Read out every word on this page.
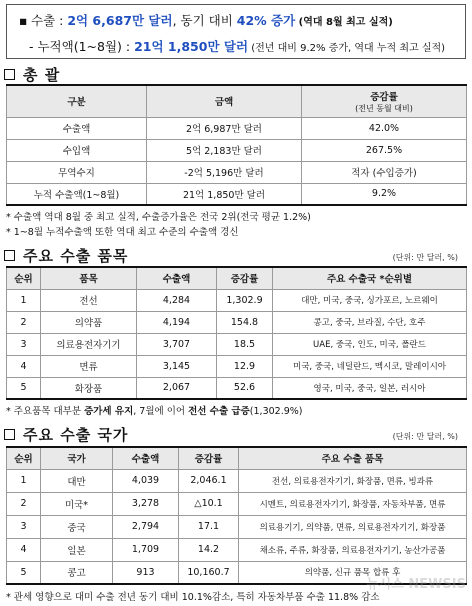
▪ 수출 : 2억 6,687만 달러, 동기 대비 42% 증가 (역대 8월 최고 실적)
- 누적액(1~8월) : 21억 1,850만 달러 (전년 대비 9.2% 증가, 역대 누적 최고 실적)
총 괄
구분	금액	증감률
(전년 동월 대비)

수출액	2억 6,987만 달러	42.0%
수입액	5억 2,183만 달러	267.5%
무역수지	-2억 5,196만 달러	적자 (수입증가)
누적 수출액(1~8월)	21억 1,850만 달러	9.2%
* 수출액 역대 8월 중 최고 실적, 수출증가율은 전국 2위(전국 평균 1.2%)
* 1~8월 누적수출액 또한 역대 최고 수준의 수출액 경신
주요 수출 품목	(단위: 만 달러, %)
순위	품목	수출액	증감률	주요 수출국 *순위별
1	전선	4,284	1,302.9	대만, 미국, 중국, 싱가포르, 노르웨이
2	의약품	4,194	154.8	콩고, 중국, 브라질, 수단, 호주
3	의료용전자기기	3,707	18.5	UAE, 중국, 인도, 미국, 폴란드
4	면류	3,145	12.9	미국, 중국, 네덜란드, 멕시코, 말레이시아
5	화장품	2,067	52.6	영국, 미국, 중국, 일본, 러시아
* 주요품목 대부분 증가세 유지, 7월에 이어 전선 수출 급증(1,302.9%)
주요 수출 국가	(단위: 만 달러, %)
순위	국가	수출액	증감률	주요 수출 품목
1	대만	4,039	2,046.1	전선, 의료용전자기기, 화장품, 면류, 빙과류
2	미국*	3,278	△10.1	시멘트, 의료용전자기기, 화장품, 자동차부품, 면류
3	중국	2,794	17.1	의료용기기, 의약품, 면류, 의료용전자기기, 화장품
4	일본	1,709	14.2	채소류, 주류, 화장품, 의료용전자기기, 농산가공품
5	콩고	913	10,160.7	의약품, 신규 품목 합류 후
* 관세 영향으로 대미 수출 전년 동기 대비 10.1%감소, 특히 자동차부품 수출 11.8% 감소
뉴시스 NEWSIS
